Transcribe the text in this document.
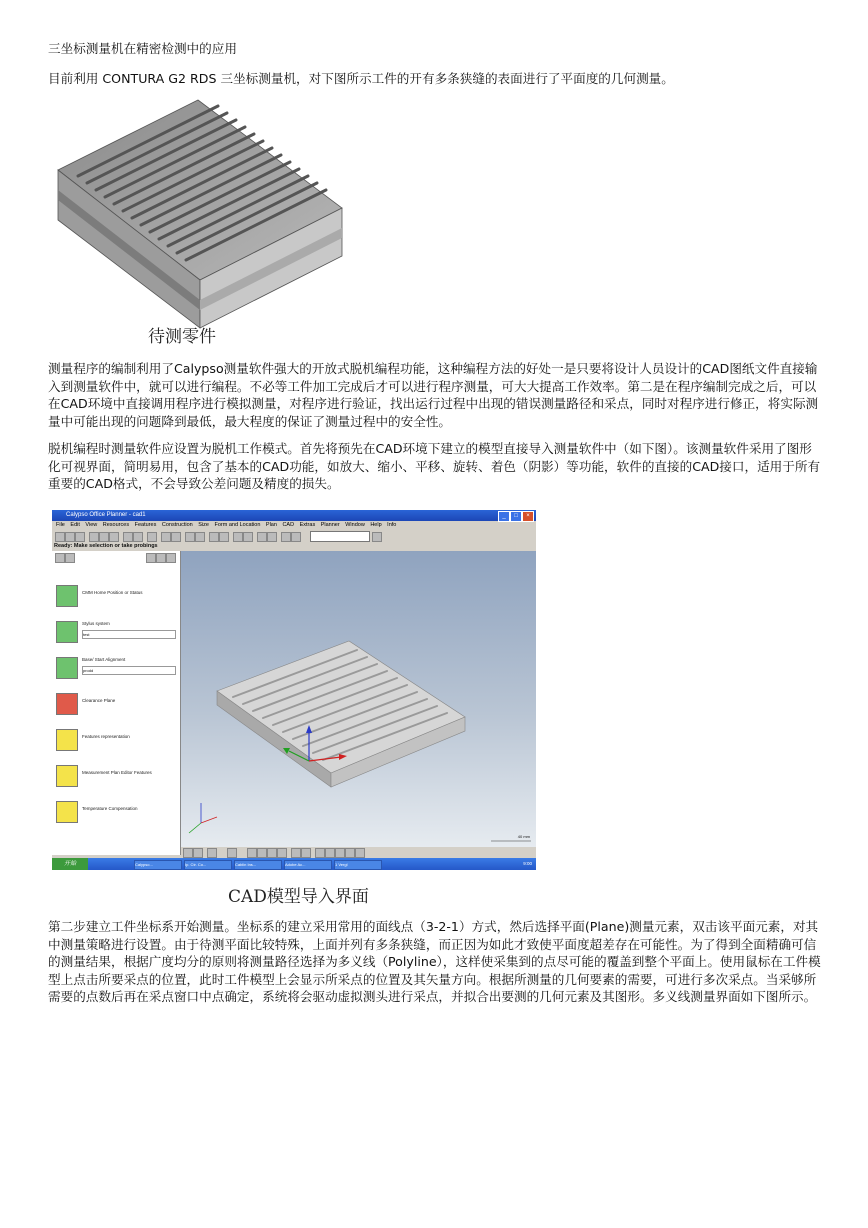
三坐标测量机在精密检测中的应用

目前利用 CONTURA G2 RDS 三坐标测量机，对下图所示工件的开有多条狭缝的表面进行了平面度的几何测量。

待测零件

测量程序的编制利用了Calypso测量软件强大的开放式脱机编程功能，这种编程方法的好处一是只要将设计人员设计的CAD图纸文件直接输入到测量软件中，就可以进行编程。不必等工件加工完成后才可以进行程序测量，可大大提高工作效率。第二是在程序编制完成之后，可以在CAD环境中直接调用程序进行模拟测量，对程序进行验证，找出运行过程中出现的错误测量路径和采点，同时对程序进行修正，将实际测量中可能出现的问题降到最低，最大程度的保证了测量过程中的安全性。

脱机编程时测量软件应设置为脱机工作模式。首先将预先在CAD环境下建立的模型直接导入测量软件中（如下图）。该测量软件采用了图形化可视界面，简明易用，包含了基本的CAD功能，如放大、缩小、平移、旋转、着色（阴影）等功能，软件的直接的CAD接口，适用于所有重要的CAD格式，不会导致公差问题及精度的损失。

Calypso Office Planner - cad1	_	□	×
File Edit View Resources Features Construction Size Form and Location Plan CAD Extras Planner Window Help Info
Ready: Make selection or take probings
CMM Home Position or Status
Stylus system
test
Base/ Start Alignment
prodd
Clearance Plane
Features representation
Measurement Plan Editor Features
Temperature Compensation
40 mm
开始	Calypso...	Ip. Ctr. Co...	Cablin Ins...	Adobe Ac...	1 Vergl	9:00
CAD模型导入界面

第二步建立工件坐标系开始测量。坐标系的建立采用常用的面线点（3-2-1）方式，然后选择平面(Plane)测量元素，双击该平面元素，对其中测量策略进行设置。由于待测平面比较特殊，上面并列有多条狭缝，而正因为如此才致使平面度超差存在可能性。为了得到全面精确可信的测量结果，根据广度均分的原则将测量路径选择为多义线（Polyline），这样使采集到的点尽可能的覆盖到整个平面上。使用鼠标在工件模型上点击所要采点的位置，此时工件模型上会显示所采点的位置及其矢量方向。根据所测量的几何要素的需要，可进行多次采点。当采够所需要的点数后再在采点窗口中点确定，系统将会驱动虚拟测头进行采点，并拟合出要测的几何元素及其图形。多义线测量界面如下图所示。
